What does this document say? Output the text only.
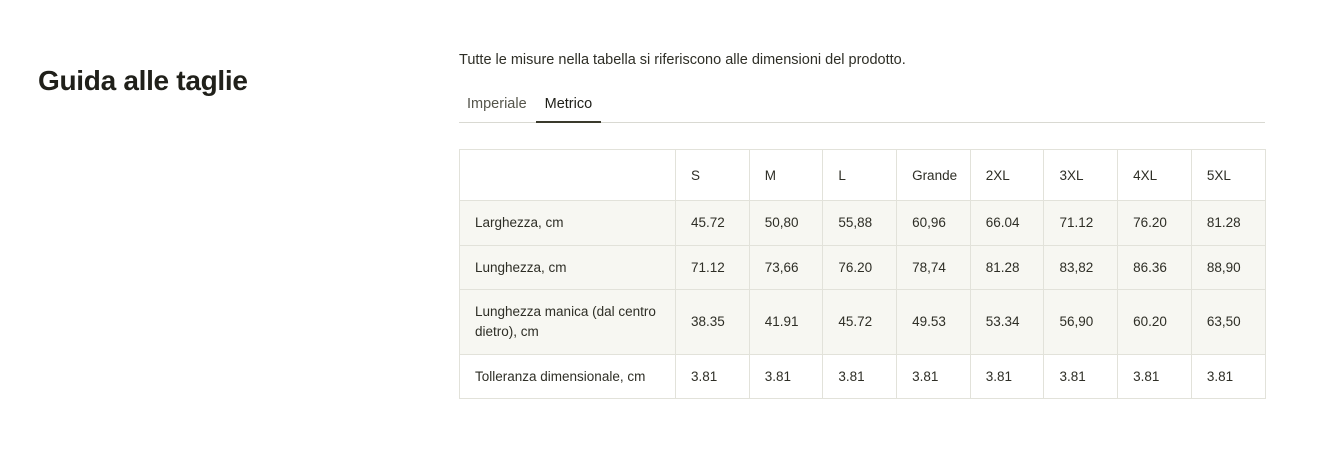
Guida alle taglie

Tutte le misure nella tabella si riferiscono alle dimensioni del prodotto.

Imperiale	Metrico
	S	M	L	Grande	2XL	3XL	4XL	5XL
Larghezza, cm	45.72	50,80	55,88	60,96	66.04	71.12	76.20	81.28
Lunghezza, cm	71.12	73,66	76.20	78,74	81.28	83,82	86.36	88,90
Lunghezza manica (dal centro dietro), cm	38.35	41.91	45.72	49.53	53.34	56,90	60.20	63,50
Tolleranza dimensionale, cm	3.81	3.81	3.81	3.81	3.81	3.81	3.81	3.81
